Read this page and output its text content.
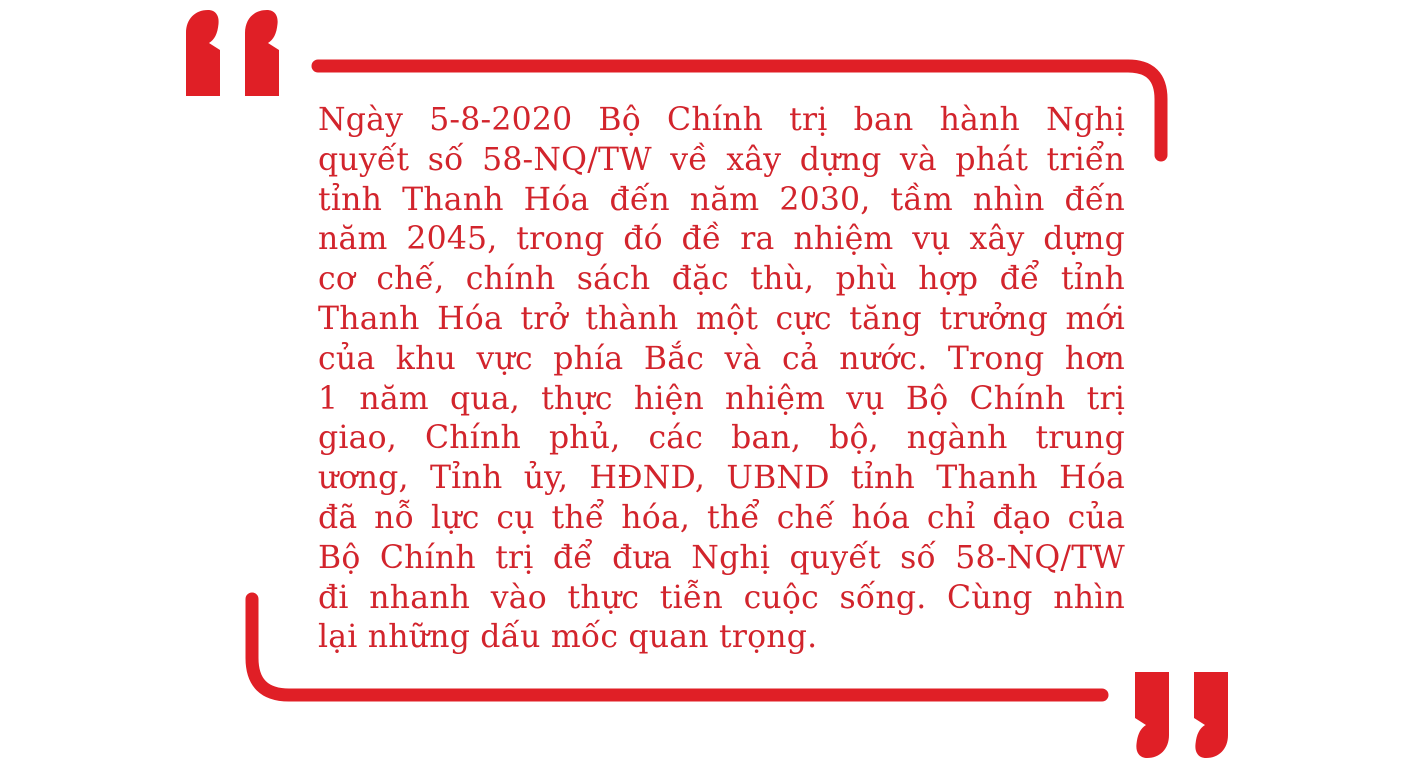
Ngày 5-8-2020 Bộ Chính trị ban hành Nghị
quyết số 58-NQ/TW về xây dựng và phát triển
tỉnh Thanh Hóa đến năm 2030, tầm nhìn đến
năm 2045, trong đó đề ra nhiệm vụ xây dựng
cơ chế, chính sách đặc thù, phù hợp để tỉnh
Thanh Hóa trở thành một cực tăng trưởng mới
của khu vực phía Bắc và cả nước. Trong hơn
1 năm qua, thực hiện nhiệm vụ Bộ Chính trị
giao, Chính phủ, các ban, bộ, ngành trung
ương, Tỉnh ủy, HĐND, UBND tỉnh Thanh Hóa
đã nỗ lực cụ thể hóa, thể chế hóa chỉ đạo của
Bộ Chính trị để đưa Nghị quyết số 58-NQ/TW
đi nhanh vào thực tiễn cuộc sống. Cùng nhìn
lại những dấu mốc quan trọng.
